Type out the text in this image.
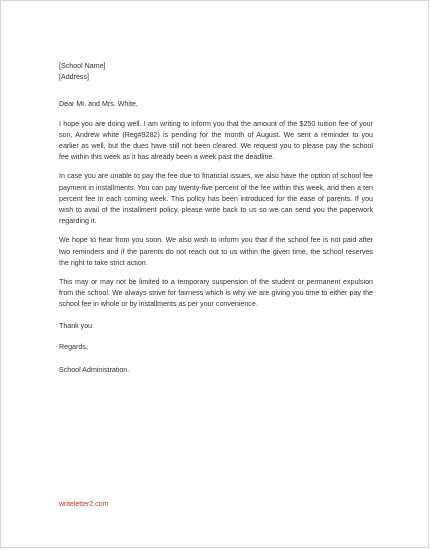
[School Name]
[Address]

Dear Mr. and Mrs. White,

I hope you are doing well. I am writing to inform you that the amount of the $250 tuition fee of your son, Andrew white (Reg#9282) is pending for the month of August. We sent a reminder to you earlier as well, but the dues have still not been cleared. We request you to please pay the school fee within this week as it has already been a week past the deadline.

In case you are unable to pay the fee due to financial issues, we also have the option of school fee payment in installments. You can pay twenty-five percent of the fee within this week, and then a ten percent fee in each coming week. This policy has been introduced for the ease of parents. If you wish to avail of the installment policy, please write back to us so we can send you the paperwork regarding it.

We hope to hear from you soon. We also wish to inform you that if the school fee is not paid after two reminders and if the parents do not reach out to us within the given time, the school reserves the right to take strict action.

This may or may not be limited to a temporary suspension of the student or permanent expulsion from the school. We always strive for fairness which is why we are giving you time to either pay the school fee in whole or by installments as per your convenience.

Thank you

Regards,

School Administration.

writeletter2.com
